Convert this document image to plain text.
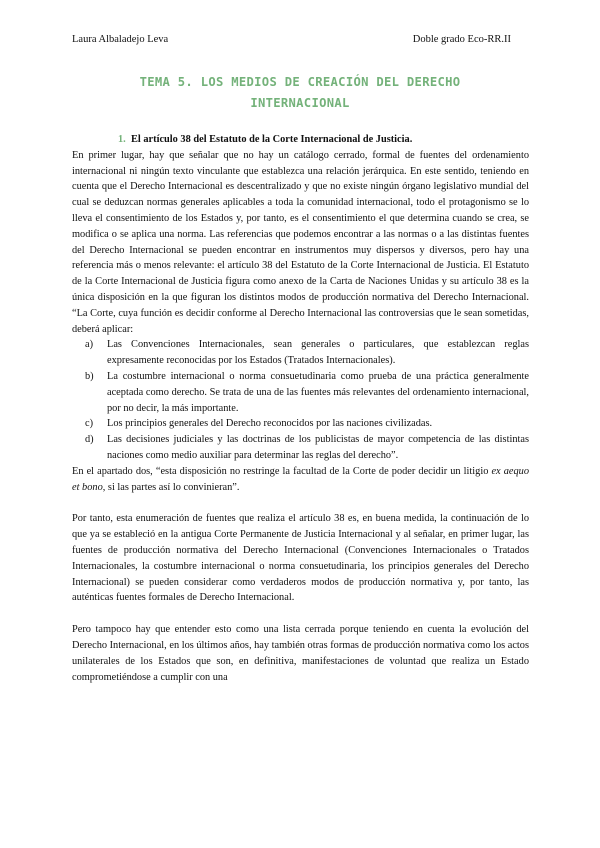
Laura Albaladejo Leva	Doble grado Eco-RR.II
TEMA 5. LOS MEDIOS DE CREACIÓN DEL DERECHO
INTERNACIONAL
1. El artículo 38 del Estatuto de la Corte Internacional de Justicia.

En primer lugar, hay que señalar que no hay un catálogo cerrado, formal de fuentes del ordenamiento internacional ni ningún texto vinculante que establezca una relación jerárquica. En este sentido, teniendo en cuenta que el Derecho Internacional es descentralizado y que no existe ningún órgano legislativo mundial del cual se deduzcan normas generales aplicables a toda la comunidad internacional, todo el protagonismo se lo lleva el consentimiento de los Estados y, por tanto, es el consentimiento el que determina cuando se crea, se modifica o se aplica una norma. Las referencias que podemos encontrar a las normas o a las distintas fuentes del Derecho Internacional se pueden encontrar en instrumentos muy dispersos y diversos, pero hay una referencia más o menos relevante: el artículo 38 del Estatuto de la Corte Internacional de Justicia. El Estatuto de la Corte Internacional de Justicia figura como anexo de la Carta de Naciones Unidas y su artículo 38 es la única disposición en la que figuran los distintos modos de producción normativa del Derecho Internacional. “La Corte, cuya función es decidir conforme al Derecho Internacional las controversias que le sean sometidas, deberá aplicar:

a)	Las Convenciones Internacionales, sean generales o particulares, que establezcan reglas expresamente reconocidas por los Estados (Tratados Internacionales).
b)	La costumbre internacional o norma consuetudinaria como prueba de una práctica generalmente aceptada como derecho. Se trata de una de las fuentes más relevantes del ordenamiento internacional, por no decir, la más importante.
c)	Los principios generales del Derecho reconocidos por las naciones civilizadas.
d)	Las decisiones judiciales y las doctrinas de los publicistas de mayor competencia de las distintas naciones como medio auxiliar para determinar las reglas del derecho”.

En el apartado dos, “esta disposición no restringe la facultad de la Corte de poder decidir un litigio ex aequo et bono, si las partes así lo convinieran”.

Por tanto, esta enumeración de fuentes que realiza el artículo 38 es, en buena medida, la continuación de lo que ya se estableció en la antigua Corte Permanente de Justicia Internacional y al señalar, en primer lugar, las fuentes de producción normativa del Derecho Internacional (Convenciones Internacionales o Tratados Internacionales, la costumbre internacional o norma consuetudinaria, los principios generales del Derecho Internacional) se pueden considerar como verdaderos modos de producción normativa y, por tanto, las auténticas fuentes formales de Derecho Internacional.

Pero tampoco hay que entender esto como una lista cerrada porque teniendo en cuenta la evolución del Derecho Internacional, en los últimos años, hay también otras formas de producción normativa como los actos unilaterales de los Estados que son, en definitiva, manifestaciones de voluntad que realiza un Estado comprometiéndose a cumplir con una
